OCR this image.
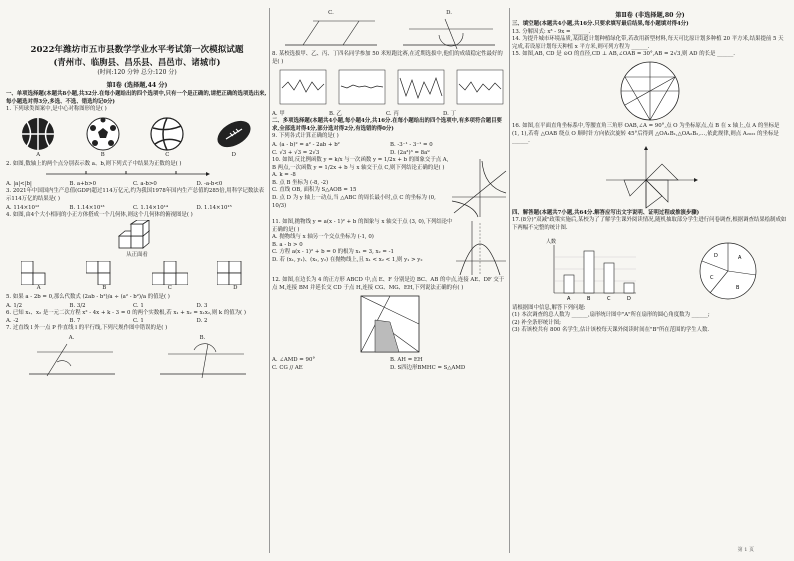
2022年潍坊市五市县数学学业水平考试第一次模拟试题
(青州市、临朐县、昌乐县、昌邑市、诸城市)
(时间:120 分钟 总分:120 分)
第Ⅰ卷 (选择题,44 分)

一、单项选择题(本题共8小题,共32分.在每小题给出的四个选项中,只有一个是正确的,请把正确的选项选出来,每小题选对得3分,多选、不选、错选均记0分)

1. 下列球类图案中,是中心对称图形的是( )

A	B	C	D

2. 如图,数轴上的两个点分别表示数 a、b,则下列式子中结果为正数的是( )

A. |a|<|b|	B. a+b>0	C. a-b>0	D. -a-b<0

3. 2021年中国国内生产总值(GDP)超过114万亿元,约为我国1978年国内生产总值的285倍,用科学记数法表示114万亿的结果是( )

A. 114×10¹²	B. 1.14×10¹³	C. 1.14×10¹⁴	D. 1.14×10¹⁵

4. 如图,由4个大小相同的小正方体搭成一个几何体,则这个几何体的俯视图是( )

从正面看
A	B	C	D

5. 如果 a - 2b = 0,那么代数式 (2ab - b²)/a ÷ (a² - b²)/a 的值是( )

A. 1/2	B. 3/2	C. 1	D. 3

6. 已知 x₁、x₂ 是一元二次方程 x² - 4x + k - 3 = 0 的两个实数根,若 x₁ + x₂ = x₁x₂,则 k 的值为( )

A. -2	B. 7	C. 1	D. 2

7. 过直线 l 外一点 P 作直线 l 的平行线,下列尺规作图中错误的是( )

A.	B.
C.	D.

8. 某校选拔甲、乙、丙、丁四名同学参加 50 米短跑比赛,在近期选拔中,他们的成绩稳定性最好的是( )

A. 甲	B. 乙	C. 丙	D. 丁

二、多项选择题(本题共4小题,每小题4分,共16分.在每小题给出的四个选项中,有多项符合题目要求,全部选对得4分,部分选对得2分,有选错的得0分)

9. 下列各式计算正确的是( )

A. (a - b)² = a² - 2ab + b²	B. -3⁻¹ - 3⁻¹ = 0
C. √3 + √3 = 2√3	D. (2a³)³ = 8a⁹

10. 如图,反比例函数 y = k/x 与一次函数 y = 1/2x + b 的图象交于点 A, B 两点,一次函数 y = 1/2x + b 与 x 轴交于点 C,则下列结论正确的是( )

A. k = -8

B. 点 B 坐标为 (-8, -2)

C. 直线 OB, 面积为 S△AOB = 15

D. 点 D 为 y 轴上一动点,当 △ABC 的周长最小时,点 C 的坐标为 (0, 10/3)

11. 如图,抛物线 y = a(x - 1)² + b 的图象与 x 轴交于点 (3, 0),下列结论中正确的是( )

A. 抛物线与 x 轴另一个交点坐标为 (-1, 0)

B. a - b > 0

C. 方程 a(x - 1)² + b = 0 的根为 x₁ = 3, x₂ = -1

D. 若 (x₁, y₁)、(x₂, y₂) 在抛物线上,且 x₁ < x₂ < 1,则 y₁ > y₂

12. 如图,在边长为 4 的正方形 ABCD 中,点 E、F 分别是边 BC、AB 的中点,连接 AE、DF 交于点 M,连接 BM 并延长交 CD 于点 H,连接 CG、MG、EH,下列说法正确的有( )

A. ∠AMD = 90°	B. AH = EH
C. CG // AE	D. S四边形BMHC = S△AMD
第Ⅱ卷 (非选择题,80 分)

三、填空题(本题共4小题,共16分.只要求填写最后结果,每小题填对得4分)

13. 分解因式: x³ - 9x = ______.

14. 为提升城市环境品质,某街道计划种植绿化带,若改用新型材料,每天可比原计划多种植 20 平方米,结果提前 5 天完成,若设原计划每天种植 x 平方米,则可列方程为 ______.

15. 如图,AB, CD 是 ⊙O 的直径,CD ⊥ AB,∠OAB = 30°,AB = 2√3,则 AD 的长是 ______.

16. 如图,在平面直角坐标系中,等腰直角三角形 OAB,∠A = 90°,点 O 为坐标原点,点 B 在 x 轴上,点 A 的坐标是 (1, 1),若将 △OAB 绕点 O 顺时针方向依次旋转 45°后得到 △OA₁B₁,△OA₂B₂,…,依此规律,则点 A₂₀₂₂ 的坐标是 ______.

四、解答题(本题共7小题,共64分.解答应写出文字说明、证明过程或推演步骤)

17.(8分)"双减"政策实施后,某校为了了解学生课外阅读情况,随机抽取部分学生进行问卷调查,根据调查结果绘制成如下两幅不完整的统计图.

人数
A	B	C	D
A
B
C
D

请根据图中信息,解答下列问题:

(1) 本次调查的总人数为 ______,扇形统计图中"A"所在扇形的圆心角度数为 ______;

(2) 补全条形统计图;

(3) 若该校共有 800 名学生,估计该校每天课外阅读时间在"B"所在范围的学生人数.

第 1 页
